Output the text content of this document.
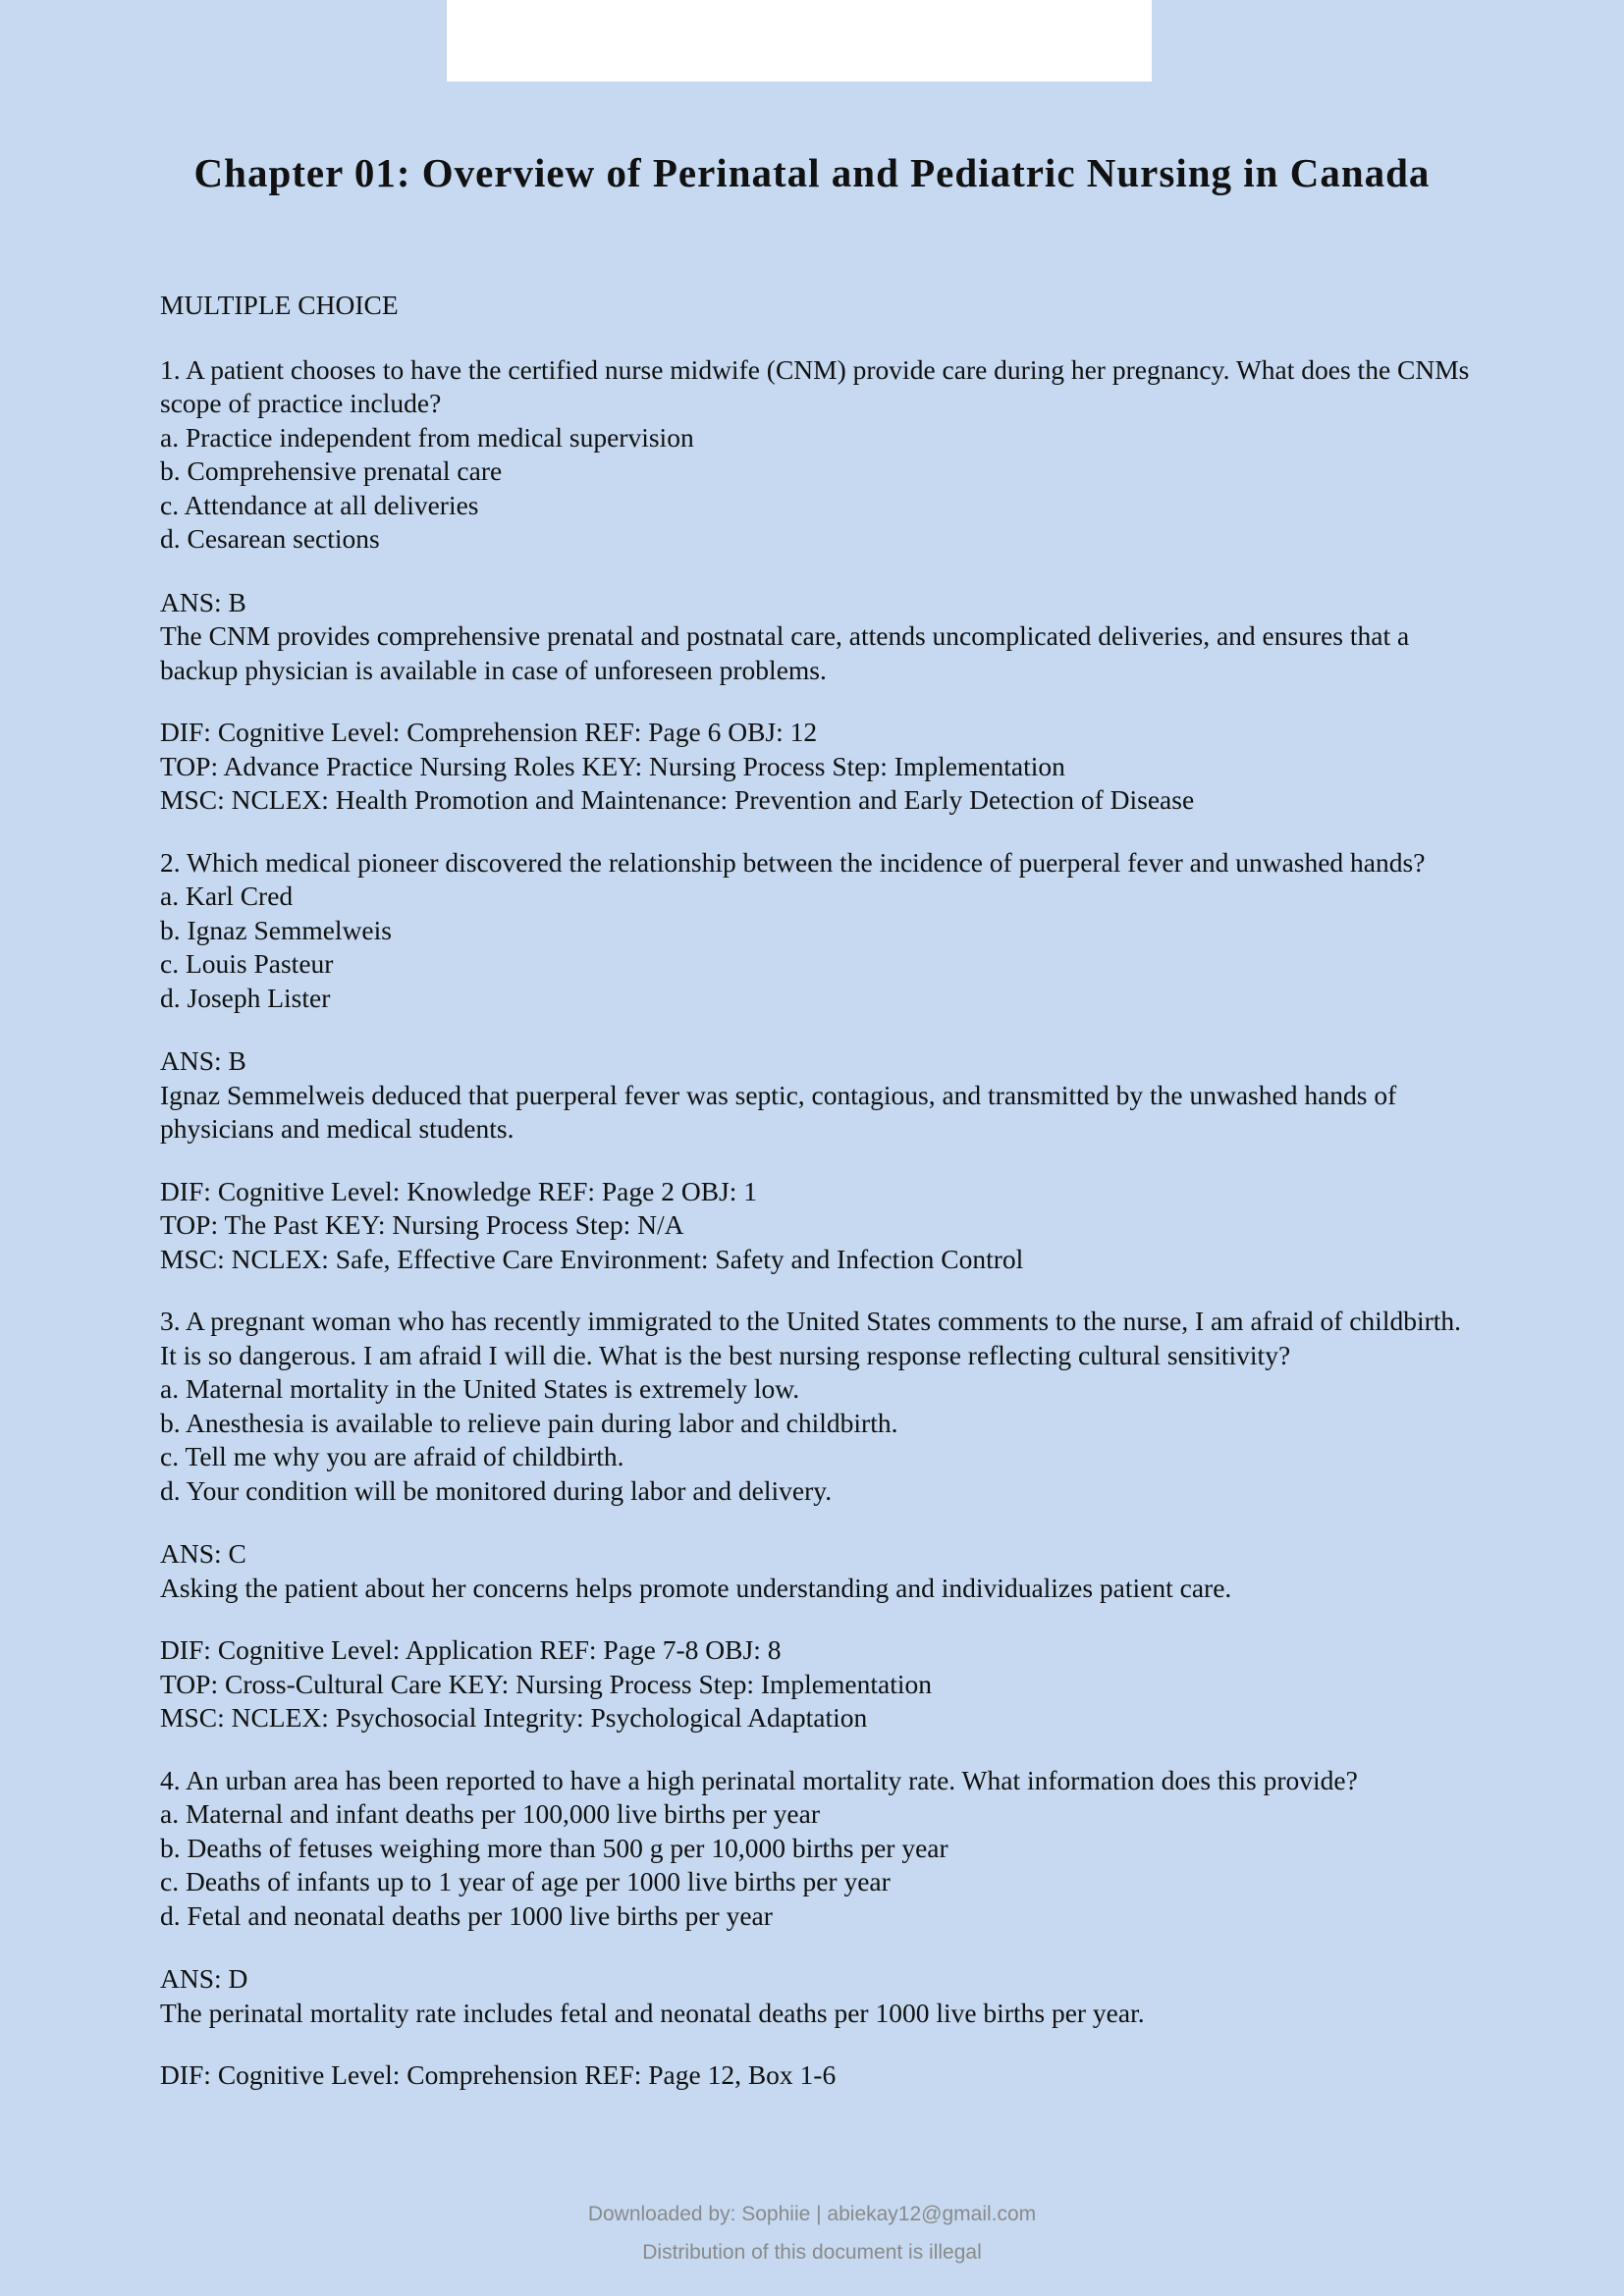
Chapter 01: Overview of Perinatal and Pediatric Nursing in Canada

MULTIPLE CHOICE

1. A patient chooses to have the certified nurse midwife (CNM) provide care during her pregnancy. What does the CNMs scope of practice include?

a. Practice independent from medical supervision

b. Comprehensive prenatal care

c. Attendance at all deliveries

d. Cesarean sections

ANS: B

The CNM provides comprehensive prenatal and postnatal care, attends uncomplicated deliveries, and ensures that a backup physician is available in case of unforeseen problems.

DIF: Cognitive Level: Comprehension REF: Page 6 OBJ: 12

TOP: Advance Practice Nursing Roles KEY: Nursing Process Step: Implementation

MSC: NCLEX: Health Promotion and Maintenance: Prevention and Early Detection of Disease

2. Which medical pioneer discovered the relationship between the incidence of puerperal fever and unwashed hands?

a. Karl Cred

b. Ignaz Semmelweis

c. Louis Pasteur

d. Joseph Lister

ANS: B

Ignaz Semmelweis deduced that puerperal fever was septic, contagious, and transmitted by the unwashed hands of physicians and medical students.

DIF: Cognitive Level: Knowledge REF: Page 2 OBJ: 1

TOP: The Past KEY: Nursing Process Step: N/A

MSC: NCLEX: Safe, Effective Care Environment: Safety and Infection Control

3. A pregnant woman who has recently immigrated to the United States comments to the nurse, I am afraid of childbirth. It is so dangerous. I am afraid I will die. What is the best nursing response reflecting cultural sensitivity?

a. Maternal mortality in the United States is extremely low.

b. Anesthesia is available to relieve pain during labor and childbirth.

c. Tell me why you are afraid of childbirth.

d. Your condition will be monitored during labor and delivery.

ANS: C

Asking the patient about her concerns helps promote understanding and individualizes patient care.

DIF: Cognitive Level: Application REF: Page 7-8 OBJ: 8

TOP: Cross-Cultural Care KEY: Nursing Process Step: Implementation

MSC: NCLEX: Psychosocial Integrity: Psychological Adaptation

4. An urban area has been reported to have a high perinatal mortality rate. What information does this provide?

a. Maternal and infant deaths per 100,000 live births per year

b. Deaths of fetuses weighing more than 500 g per 10,000 births per year

c. Deaths of infants up to 1 year of age per 1000 live births per year

d. Fetal and neonatal deaths per 1000 live births per year

ANS: D

The perinatal mortality rate includes fetal and neonatal deaths per 1000 live births per year.

DIF: Cognitive Level: Comprehension REF: Page 12, Box 1-6

Downloaded by: Sophiie | abiekay12@gmail.com
Distribution of this document is illegal
